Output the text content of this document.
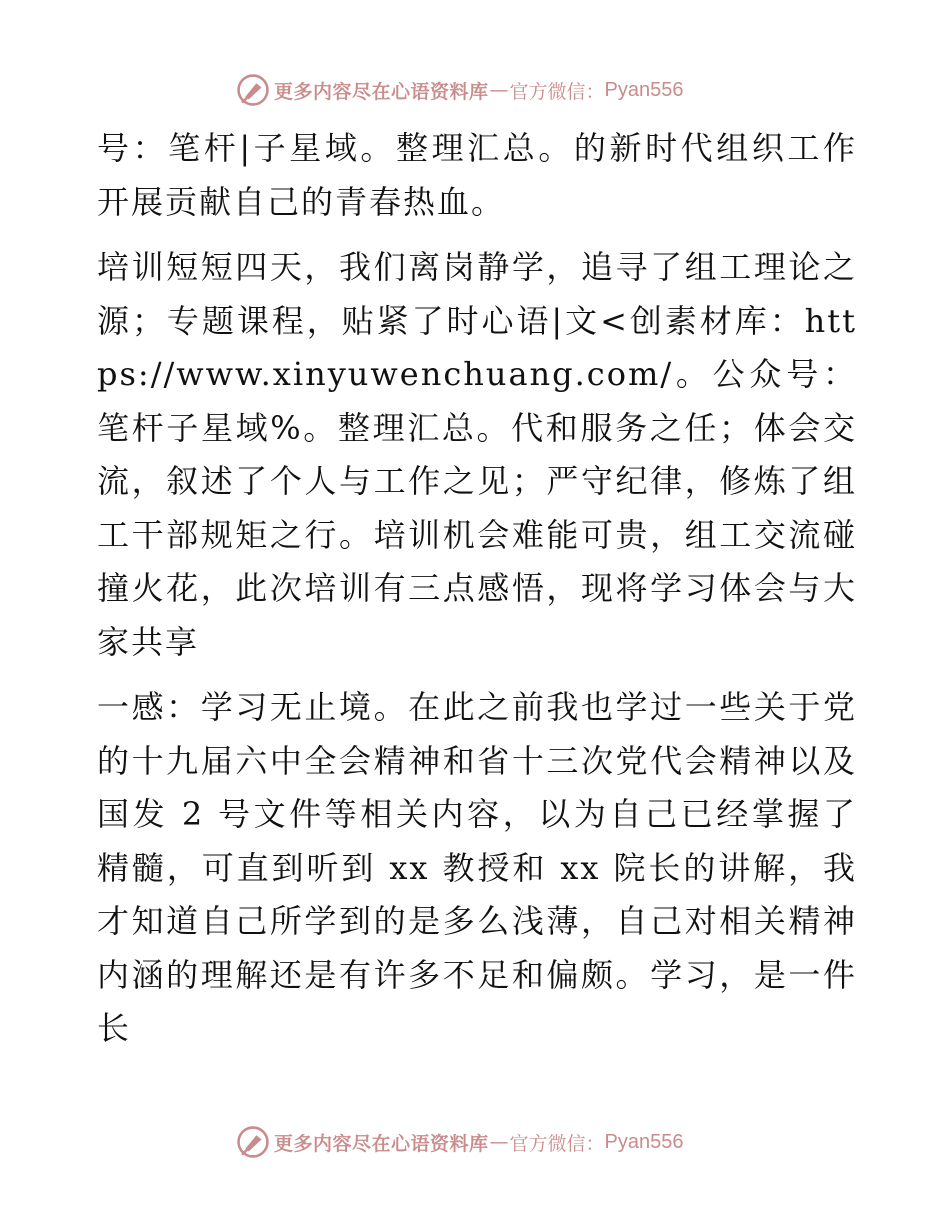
更多内容尽在心语资料库 — 官方微信： Pyan556

号：笔杆|子星域。整理汇总。的新时代组织工作开展贡献自己的青春热血。

培训短短四天，我们离岗静学，追寻了组工理论之源；专题课程，贴紧了时心语|文<创素材库：https://www.xinyuwenchuang.com/。公众号：笔杆子星域%。整理汇总。代和服务之任；体会交流，叙述了个人与工作之见；严守纪律，修炼了组工干部规矩之行。培训机会难能可贵，组工交流碰撞火花，此次培训有三点感悟，现将学习体会与大家共享

一感：学习无止境。在此之前我也学过一些关于党的十九届六中全会精神和省十三次党代会精神以及国发 2 号文件等相关内容，以为自己已经掌握了精髓，可直到听到 xx 教授和 xx 院长的讲解，我才知道自己所学到的是多么浅薄，自己对相关精神内涵的理解还是有许多不足和偏颇。学习，是一件长

更多内容尽在心语资料库 — 官方微信： Pyan556
